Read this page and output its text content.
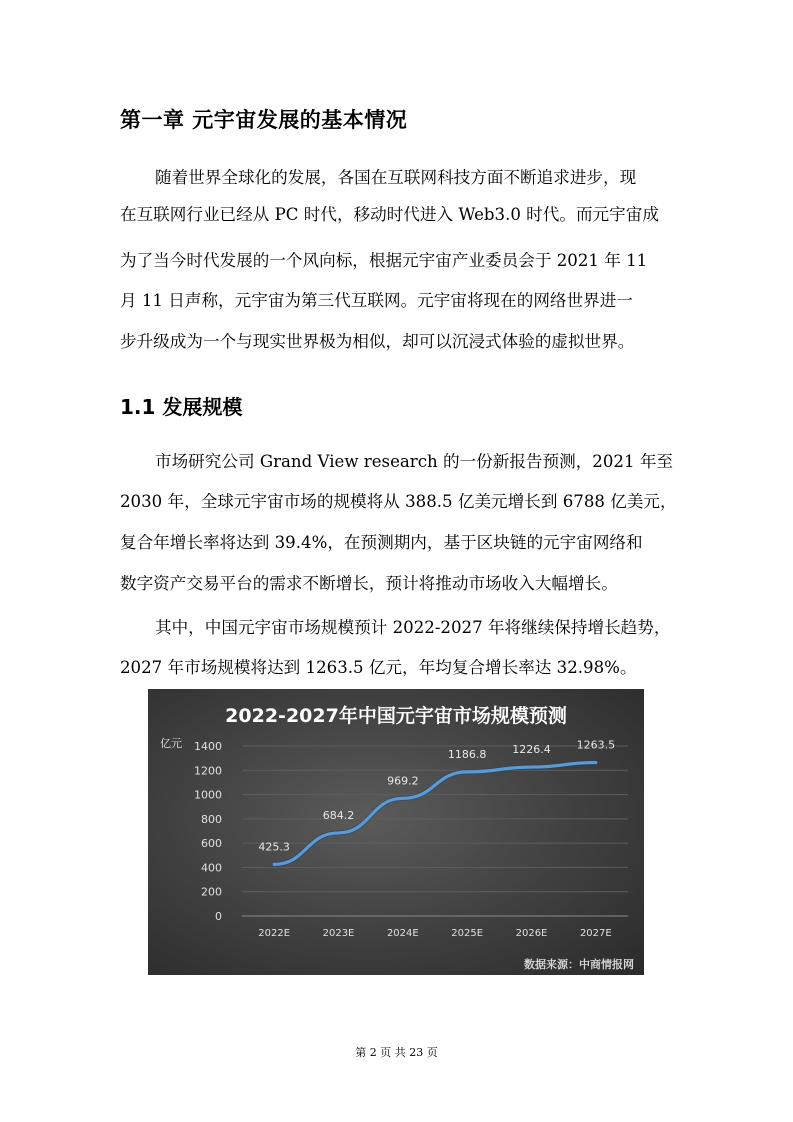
第一章 元宇宙发展的基本情况
随着世界全球化的发展，各国在互联网科技方面不断追求进步，现
在互联网行业已经从 PC 时代，移动时代进入 Web3.0 时代。而元宇宙成
为了当今时代发展的一个风向标，根据元宇宙产业委员会于 2021 年 11
月 11 日声称，元宇宙为第三代互联网。元宇宙将现在的网络世界进一
步升级成为一个与现实世界极为相似，却可以沉浸式体验的虚拟世界。
1.1 发展规模
市场研究公司 Grand View research 的一份新报告预测，2021 年至
2030 年，全球元宇宙市场的规模将从 388.5 亿美元增长到 6788 亿美元，
复合年增长率将达到 39.4%，在预测期内，基于区块链的元宇宙网络和
数字资产交易平台的需求不断增长，预计将推动市场收入大幅增长。
其中，中国元宇宙市场规模预计 2022-2027 年将继续保持增长趋势，
2027 年市场规模将达到 1263.5 亿元，年均复合增长率达 32.98%。
2022-2027年中国元宇宙市场规模预测
亿元
0
200
400
600
800
1000
1200
1400
2022E	2023E	2024E	2025E	2026E	2027E
425.3
684.2
969.2
1186.8 1226.4 1263.5
数据来源：中商情报网
第 2 页 共 23 页
